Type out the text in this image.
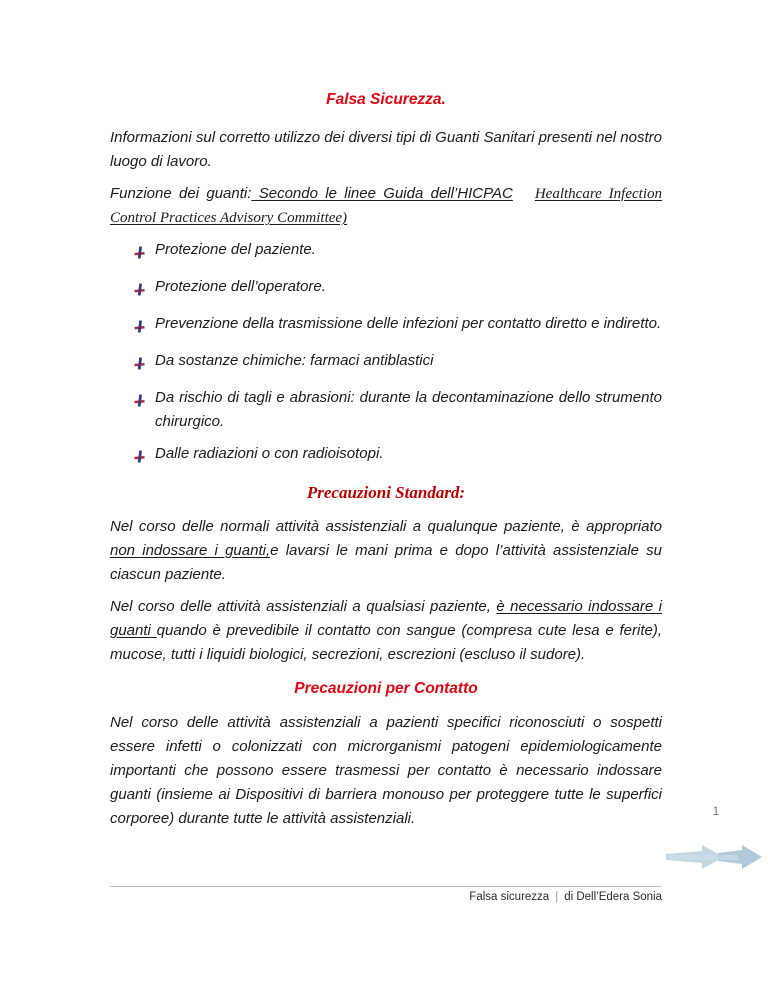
Falsa Sicurezza.

Informazioni sul corretto utilizzo dei diversi tipi di Guanti Sanitari presenti nel nostro luogo di lavoro.

Funzione dei guanti: Secondo le linee Guida dell’HICPAC Healthcare Infection Control Practices Advisory Committee)

Protezione del paziente.
Protezione dell’operatore.
Prevenzione della trasmissione delle infezioni per contatto diretto e indiretto.
Da sostanze chimiche: farmaci antiblastici
Da rischio di tagli e abrasioni: durante la decontaminazione dello strumento chirurgico.
Dalle radiazioni o con radioisotopi.
Precauzioni Standard:

Nel corso delle normali attività assistenziali a qualunque paziente, è appropriato non indossare i guanti,e lavarsi le mani prima e dopo l’attività assistenziale su ciascun paziente.

Nel corso delle attività assistenziali a qualsiasi paziente, è necessario indossare i guanti quando è prevedibile il contatto con sangue (compresa cute lesa e ferite), mucose, tutti i liquidi biologici, secrezioni, escrezioni (escluso il sudore).

Precauzioni per Contatto

Nel corso delle attività assistenziali a pazienti specifici riconosciuti o sospetti essere infetti o colonizzati con microrganismi patogeni epidemiologicamente importanti che possono essere trasmessi per contatto è necessario indossare guanti (insieme ai Dispositivi di barriera monouso per proteggere tutte le superfici corporee) durante tutte le attività assistenziali.	1
Falsa sicurezza | di Dell’Edera Sonia
